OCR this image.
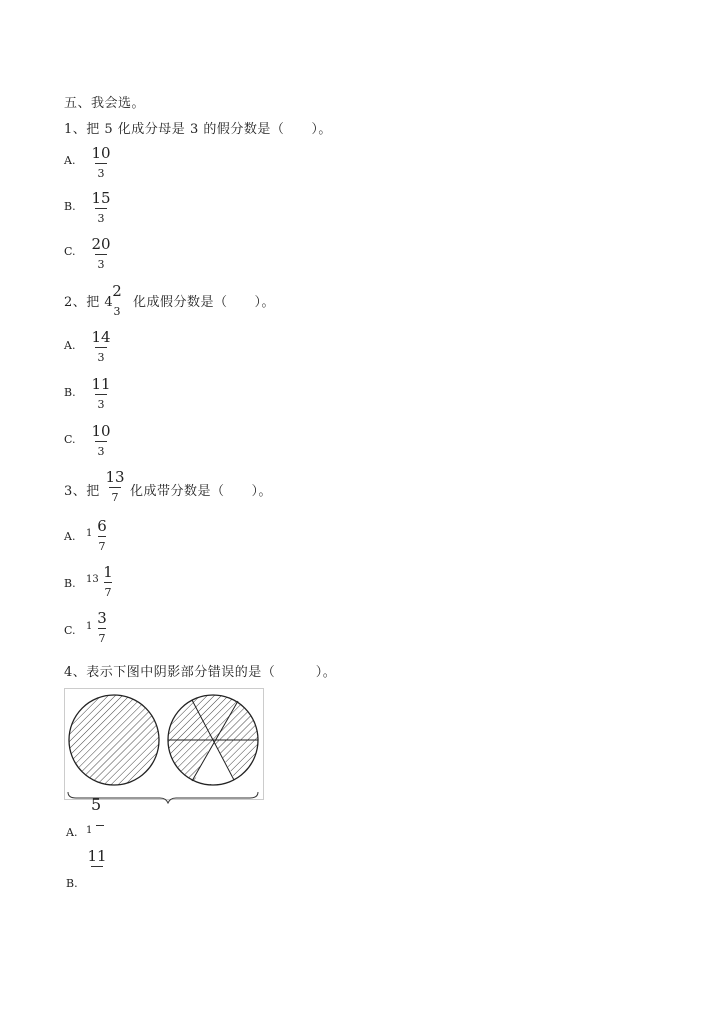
五、我会选。
1、把 5 化成分母是 3 的假分数是（　　）。
A. 10
3
B. 15
3
C. 20
3
2、把 4
2
3
化成假分数是（　　）。
A. 14
3
B. 11
3
C. 10
3
3、把
13
7 化成带分数是（　　）。
A. 1 6
7
B. 13 1
7
C. 1 3
7
4、表示下图中阴影部分错误的是（　　　）。
5
A. 1
11
B.
